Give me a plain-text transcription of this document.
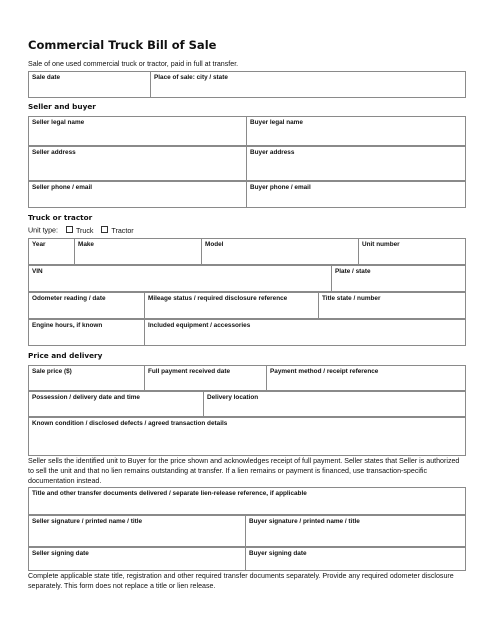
Commercial Truck Bill of Sale

Sale of one used commercial truck or tractor, paid in full at transfer.

Sale date	Place of sale: city / state

Seller and buyer

Seller legal name	Buyer legal name
Seller address	Buyer address
Seller phone / email	Buyer phone / email

Truck or tractor

Unit type:	Truck	Tractor
Year	Make	Model	Unit number
VIN	Plate / state
Odometer reading / date	Mileage status / required disclosure reference	Title state / number
Engine hours, if known	Included equipment / accessories

Price and delivery

Sale price ($)	Full payment received date	Payment method / receipt reference
Possession / delivery date and time	Delivery location
Known condition / disclosed defects / agreed transaction details

Seller sells the identified unit to Buyer for the price shown and acknowledges receipt of full payment. Seller states that Seller is authorized to sell the unit and that no lien remains outstanding at transfer. If a lien remains or payment is financed, use transaction-specific documentation instead.

Title and other transfer documents delivered / separate lien-release reference, if applicable
Seller signature / printed name / title	Buyer signature / printed name / title
Seller signing date	Buyer signing date

Complete applicable state title, registration and other required transfer documents separately. Provide any required odometer disclosure separately. This form does not replace a title or lien release.
